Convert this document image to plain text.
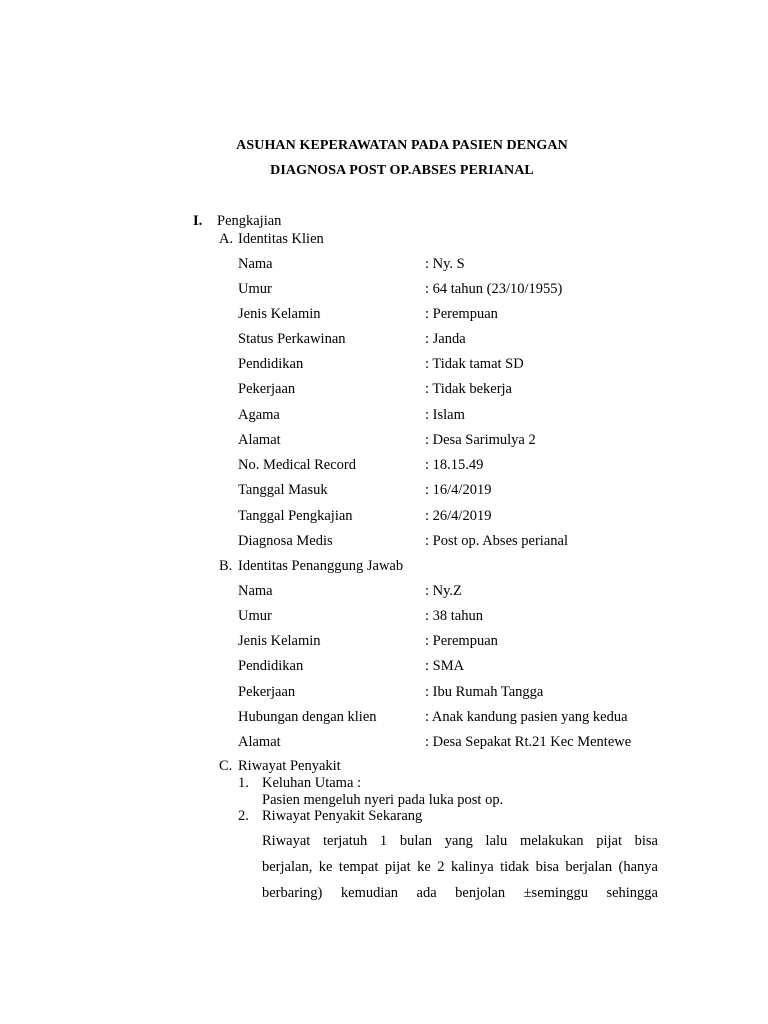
ASUHAN KEPERAWATAN PADA PASIEN DENGAN
DIAGNOSA POST OP.ABSES PERIANAL
I. Pengkajian
A. Identitas Klien
Nama	: Ny. S
Umur	: 64 tahun (23/10/1955)
Jenis Kelamin	: Perempuan
Status Perkawinan	: Janda
Pendidikan	: Tidak tamat SD
Pekerjaan	: Tidak bekerja
Agama	: Islam
Alamat	: Desa Sarimulya 2
No. Medical Record	: 18.15.49
Tanggal Masuk	: 16/4/2019
Tanggal Pengkajian	: 26/4/2019
Diagnosa Medis	: Post op. Abses perianal
B. Identitas Penanggung Jawab
Nama	: Ny.Z
Umur	: 38 tahun
Jenis Kelamin	: Perempuan
Pendidikan	: SMA
Pekerjaan	: Ibu Rumah Tangga
Hubungan dengan klien	: Anak kandung pasien yang kedua
Alamat	: Desa Sepakat Rt.21 Kec Mentewe
C. Riwayat Penyakit
1. Keluhan Utama :
Pasien mengeluh nyeri pada luka post op.
2. Riwayat Penyakit Sekarang
Riwayat terjatuh 1 bulan yang lalu melakukan pijat bisa
berjalan, ke tempat pijat ke 2 kalinya tidak bisa berjalan (hanya
berbaring) kemudian ada benjolan ±seminggu sehingga
